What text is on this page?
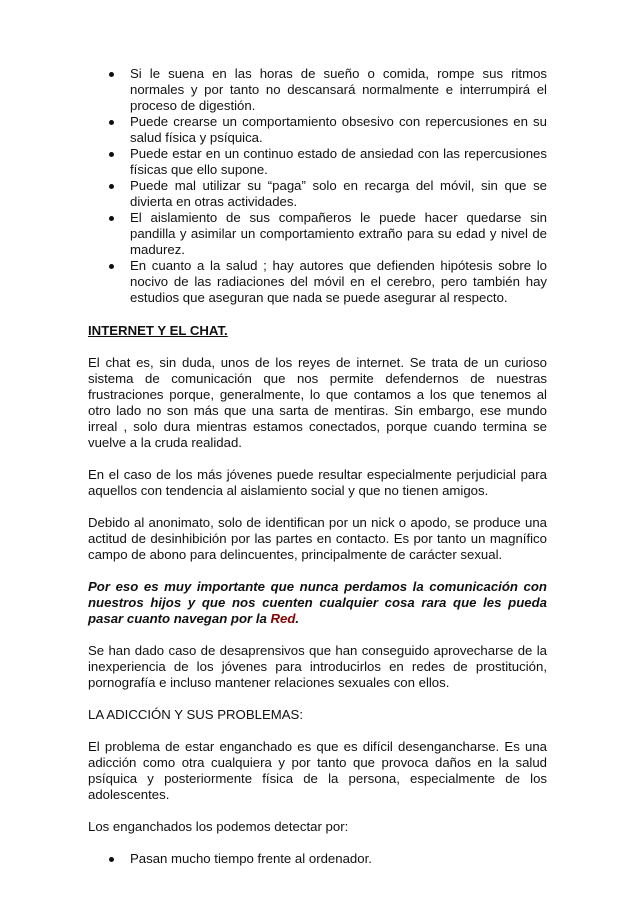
Si le suena en las horas de sueño o comida, rompe sus ritmos normales y por tanto no descansará normalmente e interrumpirá el proceso de digestión.
Puede crearse un comportamiento obsesivo con repercusiones en su salud física y psíquica.
Puede estar en un continuo estado de ansiedad con las repercusiones físicas que ello supone.
Puede mal utilizar su “paga” solo en recarga del móvil, sin que se divierta en otras actividades.
El aislamiento de sus compañeros le puede hacer quedarse sin pandilla y asimilar un comportamiento extraño para su edad y nivel de madurez.
En cuanto a la salud ; hay autores que defienden hipótesis sobre lo nocivo de las radiaciones del móvil en el cerebro, pero también hay estudios que aseguran que nada se puede asegurar al respecto.

INTERNET Y EL CHAT.

El chat es, sin duda, unos de los reyes de internet. Se trata de un curioso sistema de comunicación que nos permite defendernos de nuestras frustraciones porque, generalmente, lo que contamos a los que tenemos al otro lado no son más que una sarta de mentiras. Sin embargo, ese mundo irreal , solo dura mientras estamos conectados, porque cuando termina se vuelve a la cruda realidad.

En el caso de los más jóvenes puede resultar especialmente perjudicial para aquellos con tendencia al aislamiento social y que no tienen amigos.

Debido al anonimato, solo de identifican por un nick o apodo, se produce una actitud de desinhibición por las partes en contacto. Es por tanto un magnífico campo de abono para delincuentes, principalmente de carácter sexual.

Por eso es muy importante que nunca perdamos la comunicación con nuestros hijos y que nos cuenten cualquier cosa rara que les pueda pasar cuanto navegan por la Red.

Se han dado caso de desaprensivos que han conseguido aprovecharse de la inexperiencia de los jóvenes para introducirlos en redes de prostitución, pornografía e incluso mantener relaciones sexuales con ellos.

LA ADICCIÓN Y SUS PROBLEMAS:

El problema de estar enganchado es que es difícil desengancharse. Es una adicción como otra cualquiera y por tanto que provoca daños en la salud psíquica y posteriormente física de la persona, especialmente de los adolescentes.

Los enganchados los podemos detectar por:

Pasan mucho tiempo frente al ordenador.
